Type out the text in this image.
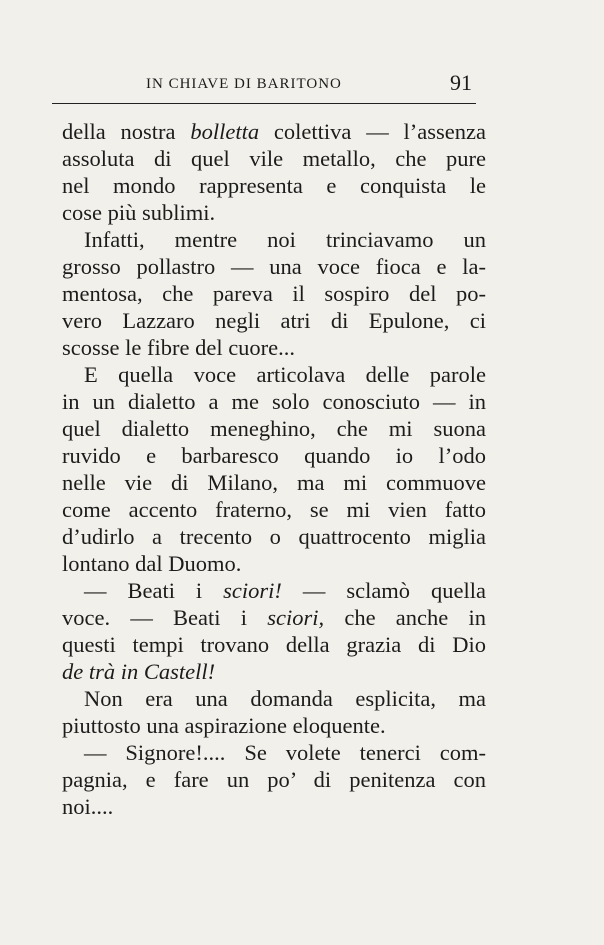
IN CHIAVE DI BARITONO	91
della nostra bolletta colettiva — l’assenza
assoluta di quel vile metallo, che pure
nel mondo rappresenta e conquista le
cose più sublimi.
Infatti, mentre noi trinciavamo un
grosso pollastro — una voce fioca e la-
mentosa, che pareva il sospiro del po-
vero Lazzaro negli atri di Epulone, ci
scosse le fibre del cuore...
E quella voce articolava delle parole
in un dialetto a me solo conosciuto — in
quel dialetto meneghino, che mi suona
ruvido e barbaresco quando io l’odo
nelle vie di Milano, ma mi commuove
come accento fraterno, se mi vien fatto
d’udirlo a trecento o quattrocento miglia
lontano dal Duomo.
— Beati i sciori! — sclamò quella
voce. — Beati i sciori, che anche in
questi tempi trovano della grazia di Dio
de trà in Castell!
Non era una domanda esplicita, ma
piuttosto una aspirazione eloquente.
— Signore!.... Se volete tenerci com-
pagnia, e fare un po’ di penitenza con
noi....
